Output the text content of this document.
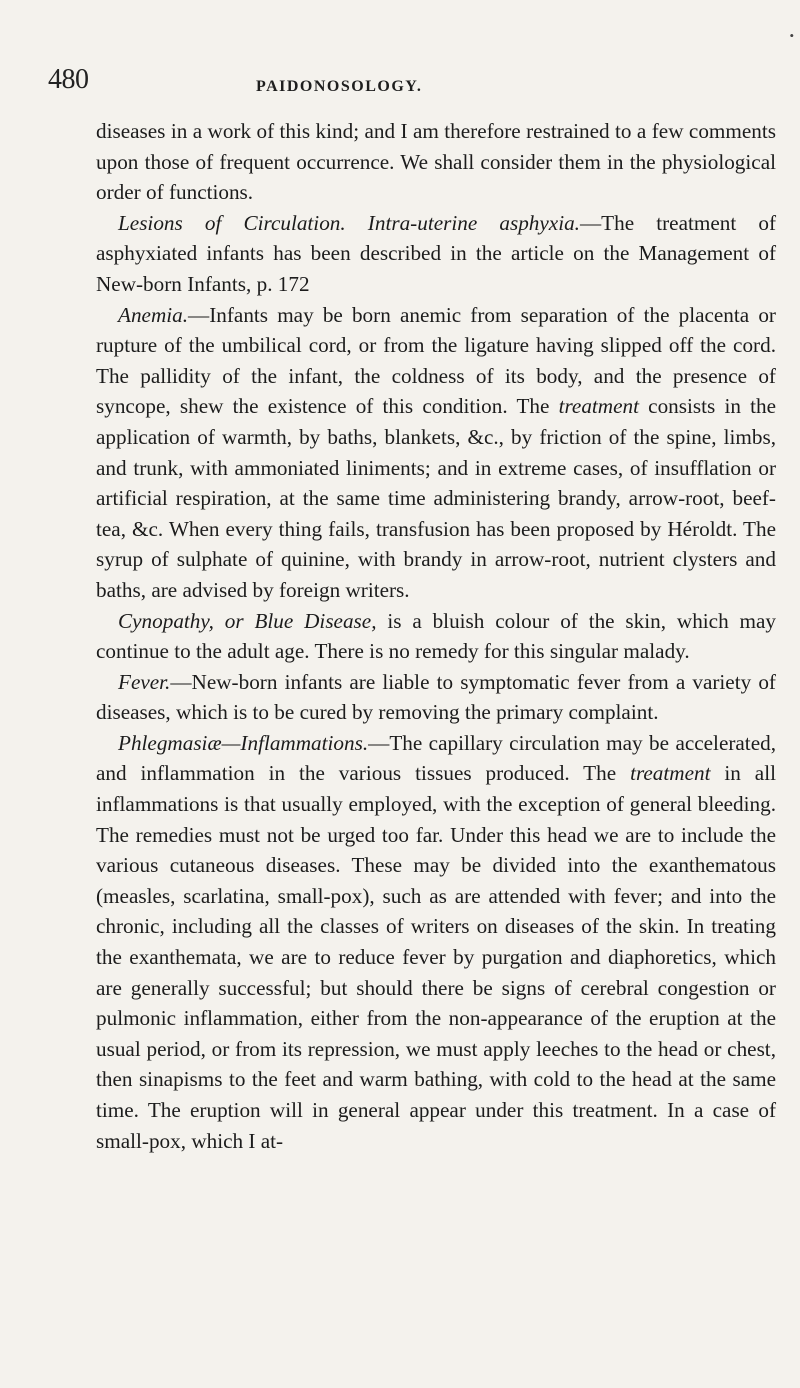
480	PAIDONOSOLOGY.
•

diseases in a work of this kind; and I am therefore restrained to a few comments upon those of frequent occurrence. We shall consider them in the physiological order of functions.

Lesions of Circulation. Intra-uterine asphyxia.—The treatment of asphyxiated infants has been described in the article on the Management of New-born Infants, p. 172

Anemia.—Infants may be born anemic from separation of the placenta or rupture of the umbilical cord, or from the ligature having slipped off the cord. The pallidity of the infant, the coldness of its body, and the presence of syncope, shew the existence of this condition. The treatment consists in the application of warmth, by baths, blankets, &c., by friction of the spine, limbs, and trunk, with ammoniated liniments; and in extreme cases, of insufflation or artificial respiration, at the same time administering brandy, arrow-root, beef-tea, &c. When every thing fails, transfusion has been proposed by Héroldt. The syrup of sulphate of quinine, with brandy in arrow-root, nutrient clysters and baths, are advised by foreign writers.

Cynopathy, or Blue Disease, is a bluish colour of the skin, which may continue to the adult age. There is no remedy for this singular malady.

Fever.—New-born infants are liable to symptomatic fever from a variety of diseases, which is to be cured by removing the primary complaint.

Phlegmasiæ—Inflammations.—The capillary circulation may be accelerated, and inflammation in the various tissues produced. The treatment in all inflammations is that usually employed, with the exception of general bleeding. The remedies must not be urged too far. Under this head we are to include the various cutaneous diseases. These may be divided into the exanthematous (measles, scarlatina, small-pox), such as are attended with fever; and into the chronic, including all the classes of writers on diseases of the skin. In treating the exanthemata, we are to reduce fever by purgation and diaphoretics, which are generally successful; but should there be signs of cerebral congestion or pulmonic inflammation, either from the non-appearance of the eruption at the usual period, or from its repression, we must apply leeches to the head or chest, then sinapisms to the feet and warm bathing, with cold to the head at the same time. The eruption will in general appear under this treatment. In a case of small-pox, which I at-
